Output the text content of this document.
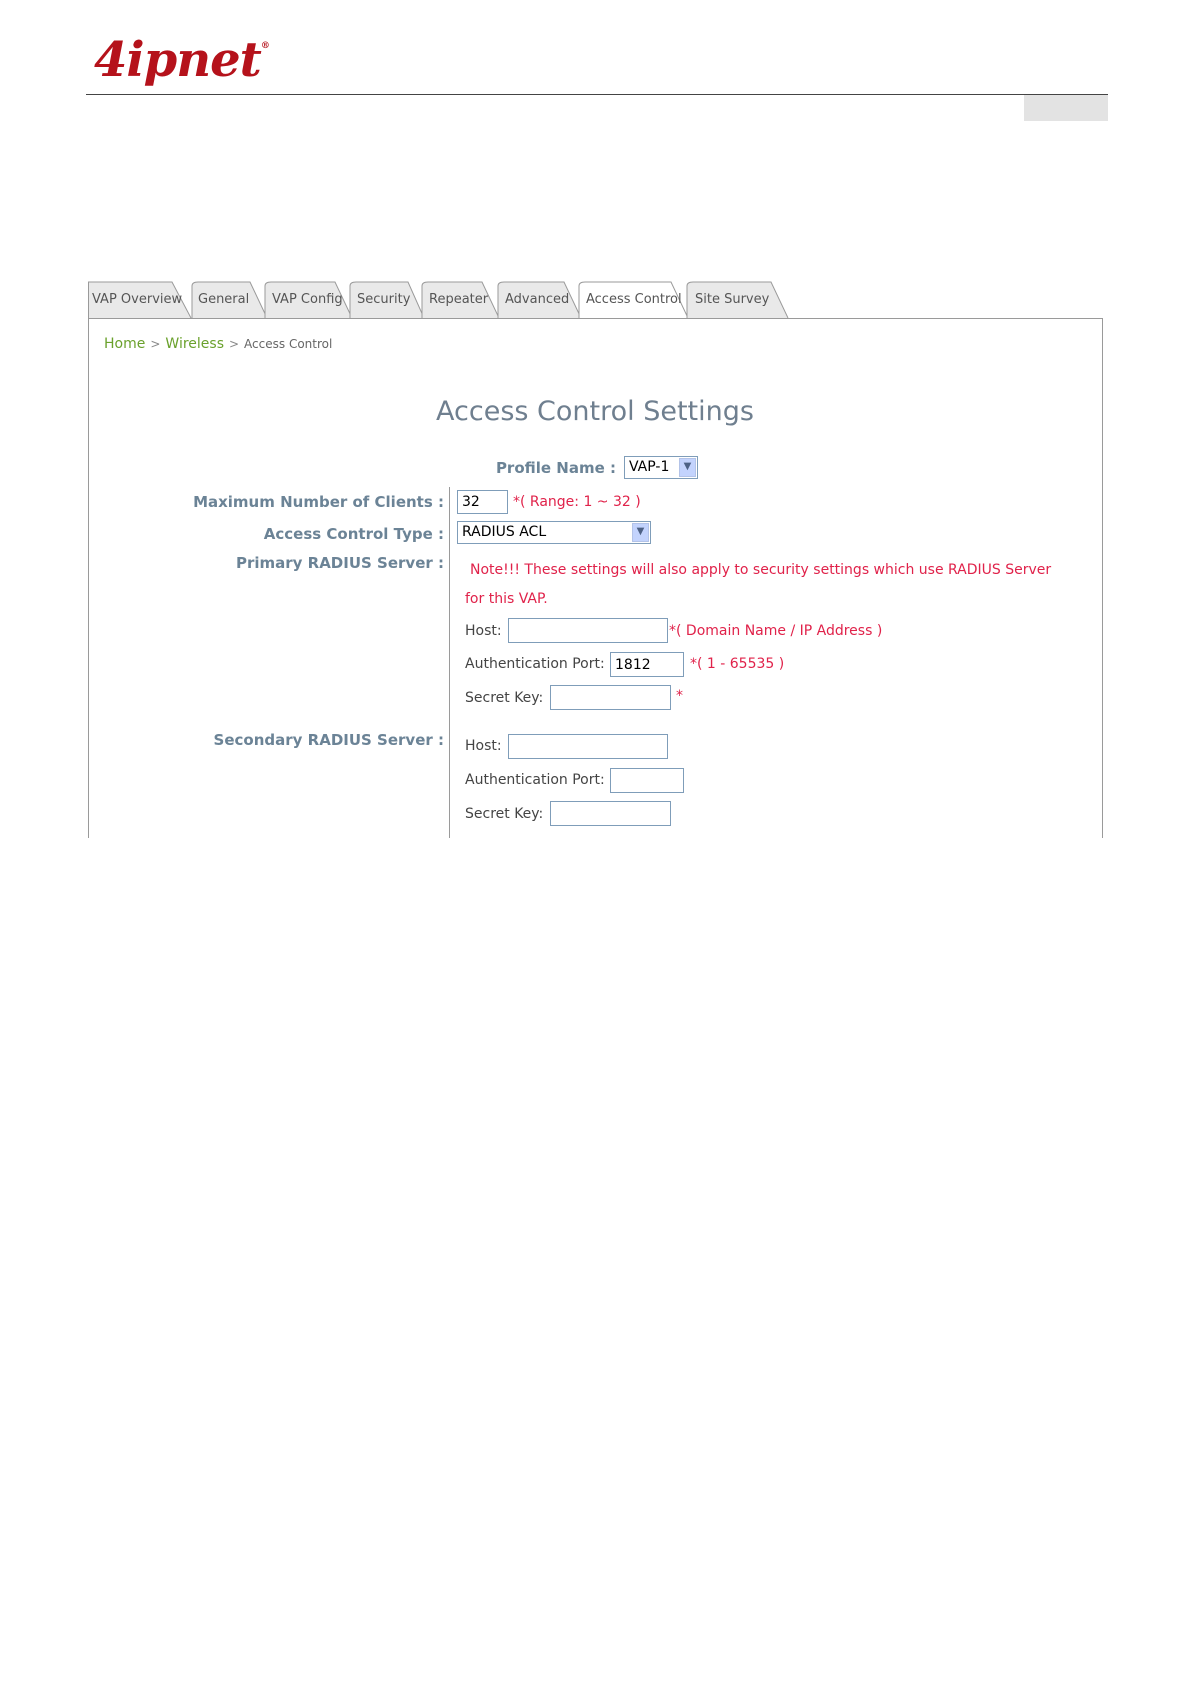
4ipnet®
VAP Overview	General	VAP Config	Security	Repeater	Advanced	Access Control	Site Survey
Home > Wireless > Access Control
Access Control Settings
Profile Name : VAP-1	▼
Maximum Number of Clients :
32	*( Range: 1 ~ 32 )
Access Control Type :	RADIUS ACL	▼
Primary RADIUS Server : Note!!! These settings will also apply to security settings which use RADIUS Server
for this VAP.
Host:	*( Domain Name / IP Address )
Authentication Port:
1812	*( 1 - 65535 )
Secret Key:	*
Secondary RADIUS Server : Host:
Authentication Port:
Secret Key:
